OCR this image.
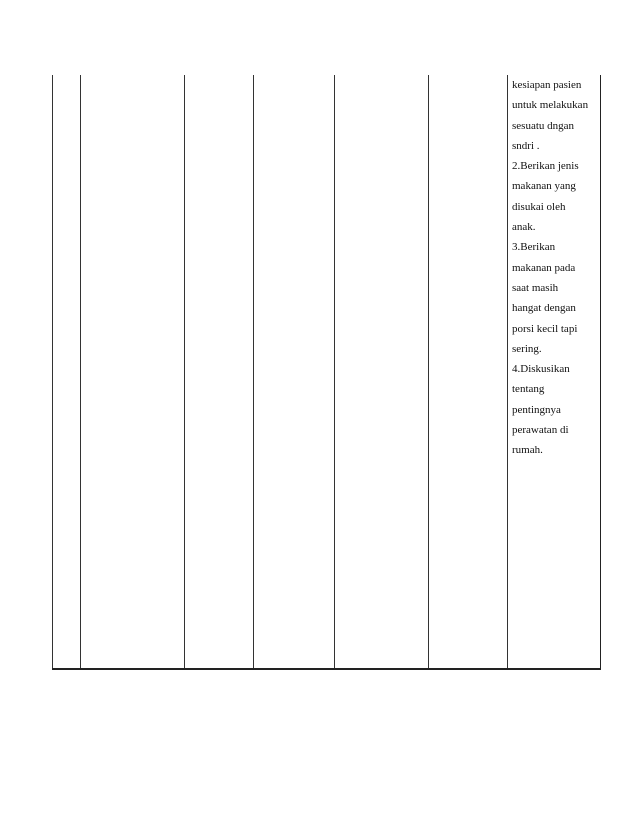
kesiapan pasien
untuk melakukan
sesuatu dngan
sndri .
2.Berikan jenis
makanan yang
disukai oleh
anak.
3.Berikan
makanan pada
saat masih
hangat dengan
porsi kecil tapi
sering.
4.Diskusikan
tentang
pentingnya
perawatan di
rumah.
